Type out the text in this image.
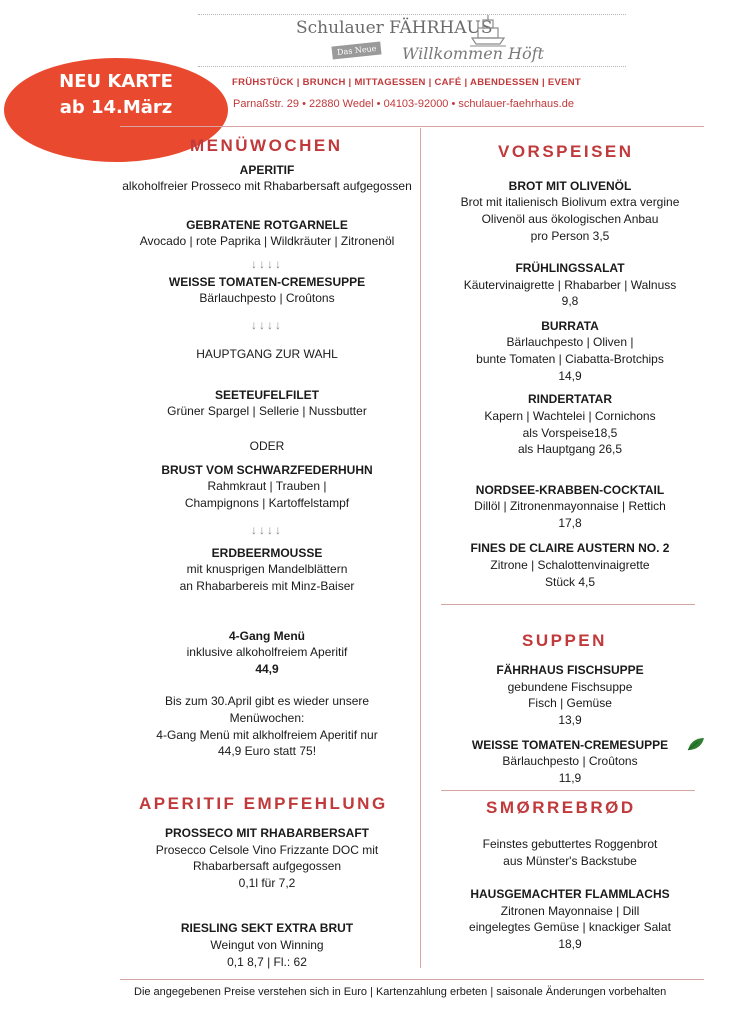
Schulauer FÄHRHAUS
Das Neue	Willkommen Höft
FRÜHSTÜCK | BRUNCH | MITTAGESSEN | CAFÉ | ABENDESSEN | EVENT
Parnaßstr. 29 • 22880 Wedel • 04103-92000 • schulauer-faehrhaus.de
NEU KARTE
ab 14.März
MENÜWOCHEN
APERITIF
alkoholfreier Prosseco mit Rhabarbersaft aufgegossen
GEBRATENE ROTGARNELE
Avocado | rote Paprika | Wildkräuter | Zitronenöl
↓↓↓↓
WEISSE TOMATEN-CREMESUPPE
Bärlauchpesto | Croûtons
↓↓↓↓
HAUPTGANG ZUR WAHL
SEETEUFELFILET
Grüner Spargel | Sellerie | Nussbutter
ODER
BRUST VOM SCHWARZFEDERHUHN
Rahmkraut | Trauben |
Champignons | Kartoffelstampf
↓↓↓↓
ERDBEERMOUSSE
mit knusprigen Mandelblättern
an Rhabarbereis mit Minz-Baiser
4-Gang Menü
inklusive alkoholfreiem Aperitif
44,9
Bis zum 30.April gibt es wieder unsere
Menüwochen:
4-Gang Menü mit alkholfreiem Aperitif nur
44,9 Euro statt 75!
APERITIF EMPFEHLUNG
PROSSECO MIT RHABARBERSAFT
Prosecco Celsole Vino Frizzante DOC mit
Rhabarbersaft aufgegossen
0,1l für 7,2
RIESLING SEKT EXTRA BRUT
Weingut von Winning
0,1 8,7 | Fl.: 62
VORSPEISEN
BROT MIT OLIVENÖL
Brot mit italienisch Biolivum extra vergine
Olivenöl aus ökologischen Anbau
pro Person 3,5
FRÜHLINGSSALAT
Käutervinaigrette | Rhabarber | Walnuss
9,8
BURRATA
Bärlauchpesto | Oliven |
bunte Tomaten | Ciabatta-Brotchips
14,9
RINDERTATAR
Kapern | Wachtelei | Cornichons
als Vorspeise18,5
als Hauptgang 26,5
NORDSEE-KRABBEN-COCKTAIL
Dillöl | Zitronenmayonnaise | Rettich
17,8
FINES DE CLAIRE AUSTERN NO. 2
Zitrone | Schalottenvinaigrette
Stück 4,5
SUPPEN
FÄHRHAUS FISCHSUPPE
gebundene Fischsuppe
Fisch | Gemüse
13,9
WEISSE TOMATEN-CREMESUPPE
Bärlauchpesto | Croûtons
11,9
SMØRREBRØD
Feinstes gebuttertes Roggenbrot
aus Münster's Backstube
HAUSGEMACHTER FLAMMLACHS
Zitronen Mayonnaise | Dill
eingelegtes Gemüse | knackiger Salat
18,9
Die angegebenen Preise verstehen sich in Euro | Kartenzahlung erbeten | saisonale Änderungen vorbehalten
